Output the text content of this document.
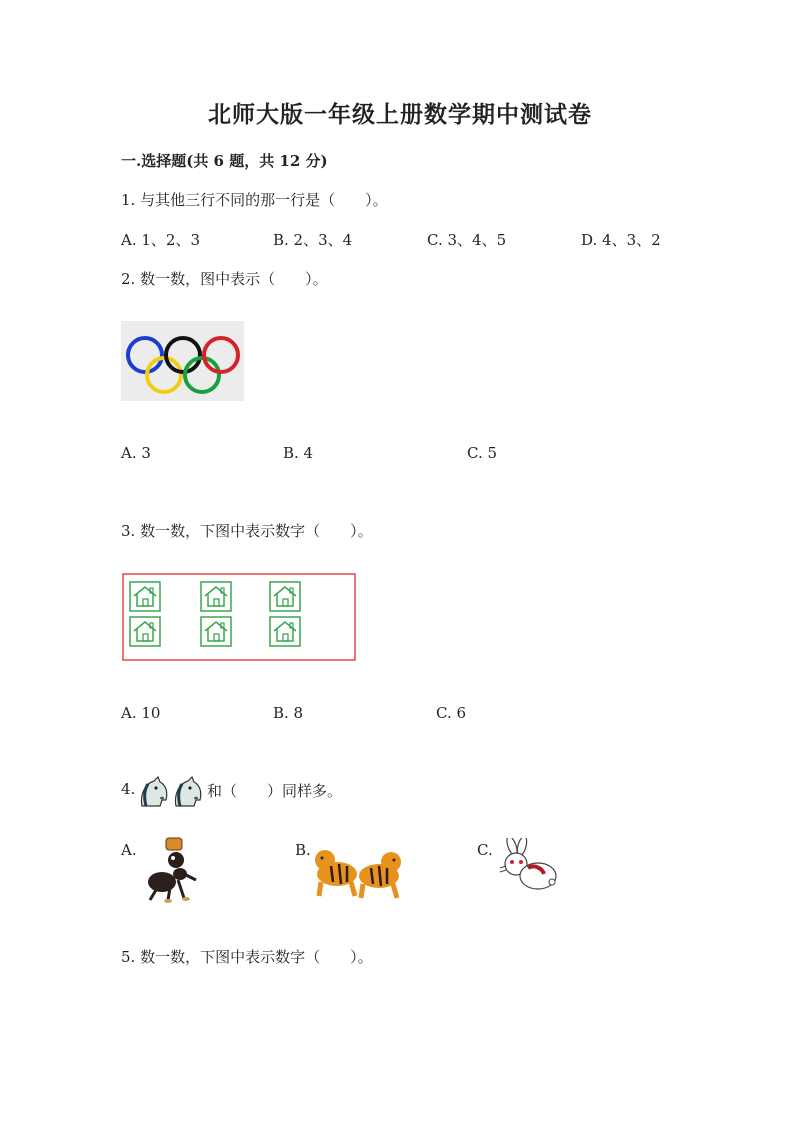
北师大版一年级上册数学期中测试卷
一.选择题(共 6 题，共 12 分)
1. 与其他三行不同的那一行是（　　）。
A. 1、2、3	B. 2、3、4	C. 3、4、5	D. 4、3、2
2. 数一数，图中表示（　　）。
A. 3	B. 4	C. 5
3. 数一数，下图中表示数字（　　）。
A. 10	B. 8	C. 6
4.	和（　　）同样多。
A.	B.	C.
5. 数一数，下图中表示数字（　　）。
